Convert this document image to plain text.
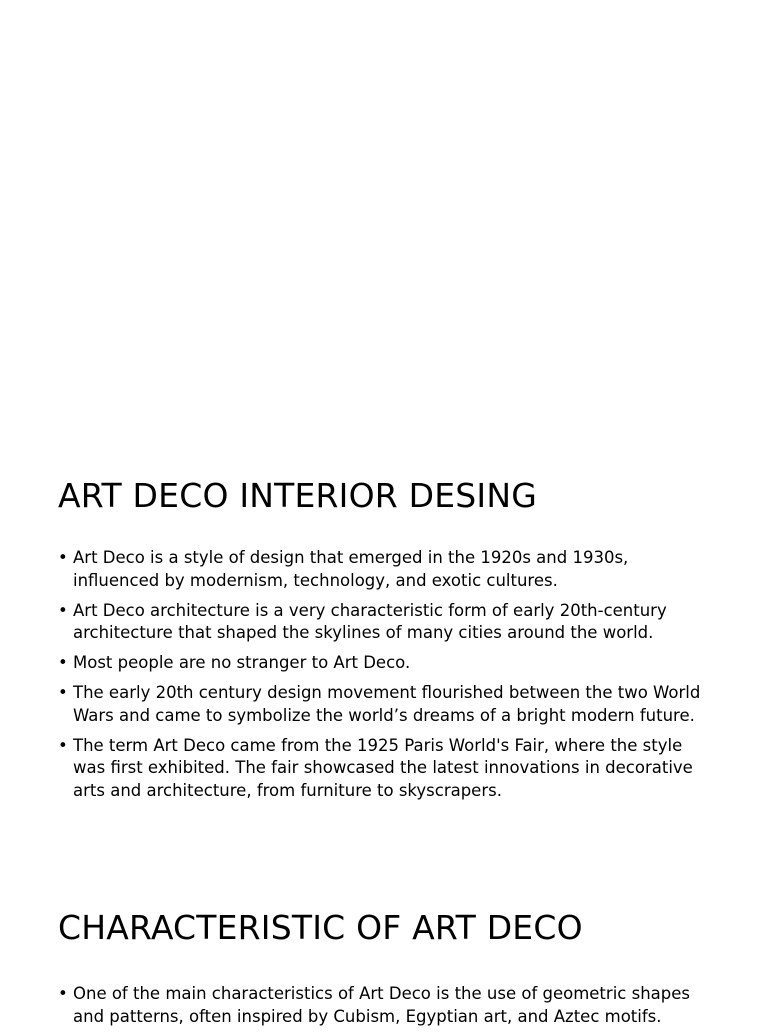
ART DECO INTERIOR DESING
• Art Deco is a style of design that emerged in the 1920s and 1930s, influenced by modernism, technology, and exotic cultures.
• Art Deco architecture is a very characteristic form of early 20th-century architecture that shaped the skylines of many cities around the world.
• Most people are no stranger to Art Deco.
• The early 20th century design movement flourished between the two World Wars and came to symbolize the world’s dreams of a bright modern future.
• The term Art Deco came from the 1925 Paris World's Fair, where the style was first exhibited. The fair showcased the latest innovations in decorative arts and architecture, from furniture to skyscrapers.
CHARACTERISTIC OF ART DECO
• One of the main characteristics of Art Deco is the use of geometric shapes and patterns, often inspired by Cubism, Egyptian art, and Aztec motifs.
